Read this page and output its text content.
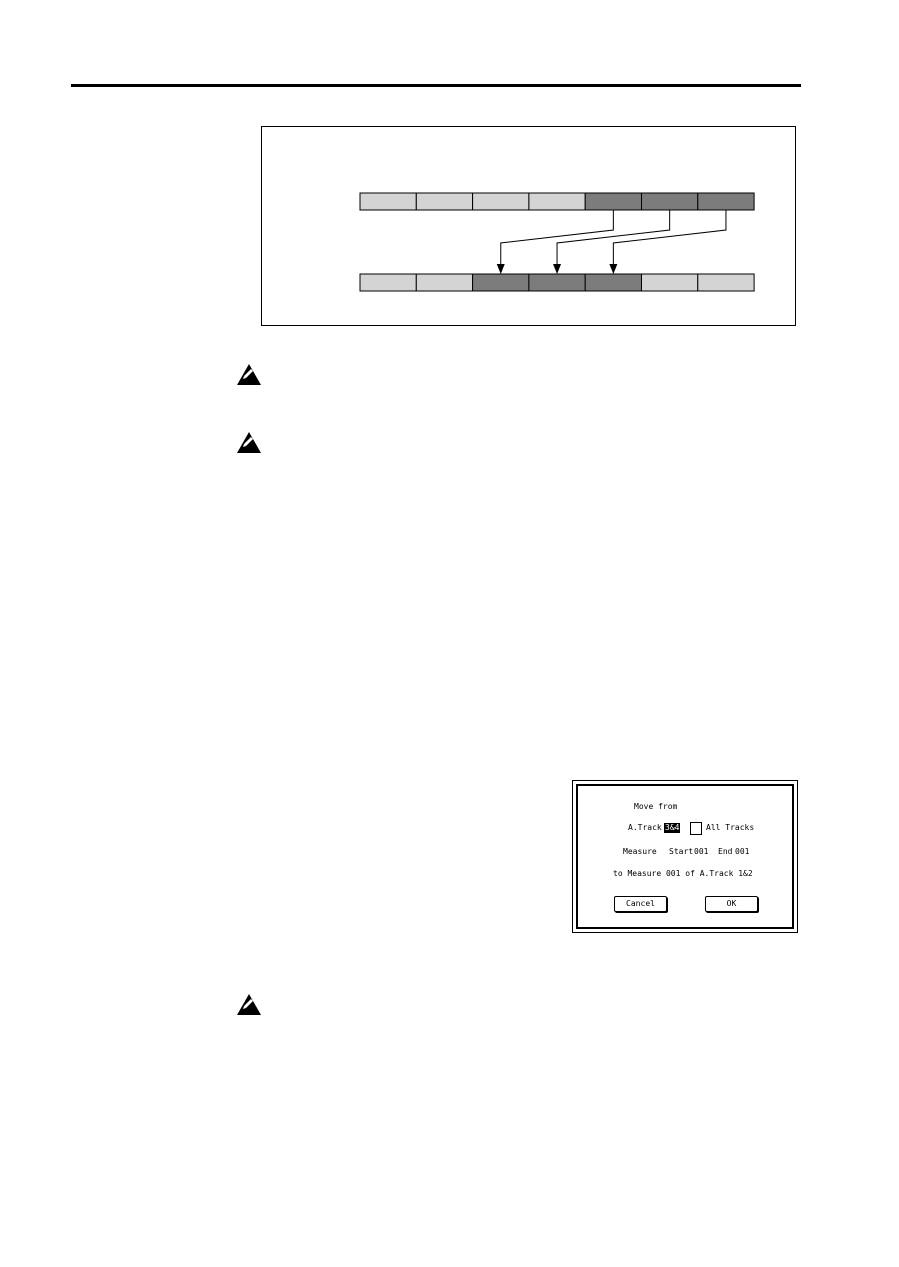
Move from
A.Track 3&4	All Tracks
Measure Start 001 End 001
to Measure 001 of A.Track 1&2
Cancel	OK
